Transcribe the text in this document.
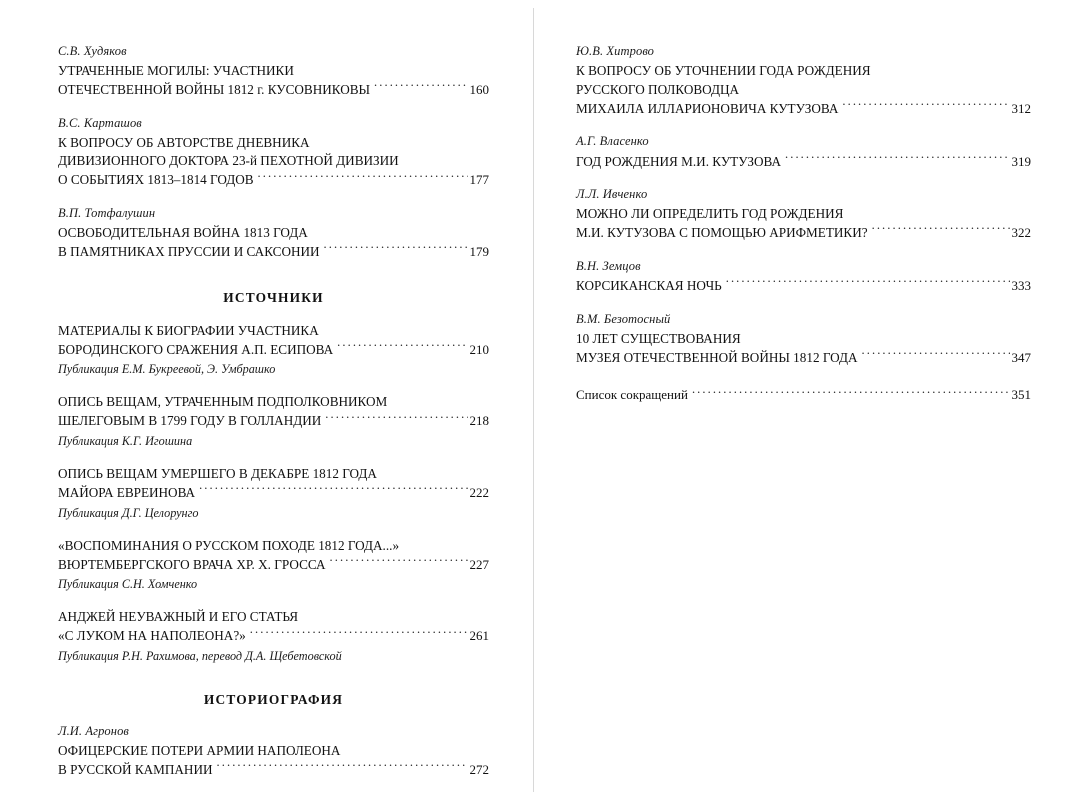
С.В. Худяков
УТРАЧЕННЫЕ МОГИЛЫ: УЧАСТНИКИ
ОТЕЧЕСТВЕННОЙ ВОЙНЫ 1812 г. КУСОВНИКОВЫ .....	160
В.С. Карташов
К ВОПРОСУ ОБ АВТОРСТВЕ ДНЕВНИКА
ДИВИЗИОННОГО ДОКТОРА 23-й ПЕХОТНОЙ ДИВИЗИИ
О СОБЫТИЯХ 1813–1814 ГОДОВ .....	177
В.П. Тотфалушин
ОСВОБОДИТЕЛЬНАЯ ВОЙНА 1813 ГОДА
В ПАМЯТНИКАХ ПРУССИИ И САКСОНИИ .....	179
ИСТОЧНИКИ
МАТЕРИАЛЫ К БИОГРАФИИ УЧАСТНИКА
БОРОДИНСКОГО СРАЖЕНИЯ А.П. ЕСИПОВА .....	210
Публикация Е.М. Букреевой, Э. Умбрашко
ОПИСЬ ВЕЩАМ, УТРАЧЕННЫМ ПОДПОЛКОВНИКОМ
ШЕЛЕГОВЫМ В 1799 ГОДУ В ГОЛЛАНДИИ .....	218
Публикация К.Г. Игошина
ОПИСЬ ВЕЩАМ УМЕРШЕГО В ДЕКАБРЕ 1812 ГОДА
МАЙОРА ЕВРЕИНОВА .....	222
Публикация Д.Г. Целорунго
«ВОСПОМИНАНИЯ О РУССКОМ ПОХОДЕ 1812 ГОДА...»
ВЮРТЕМБЕРГСКОГО ВРАЧА ХР. Х. ГРОССА .....	227
Публикация С.Н. Хомченко
АНДЖЕЙ НЕУВАЖНЫЙ И ЕГО СТАТЬЯ
«С ЛУКОМ НА НАПОЛЕОНА?» .....	261
Публикация Р.Н. Рахимова, перевод Д.А. Щебетовской
ИСТОРИОГРАФИЯ
Л.И. Агронов
ОФИЦЕРСКИЕ ПОТЕРИ АРМИИ НАПОЛЕОНА
В РУССКОЙ КАМПАНИИ .....	272
Ю.В. Хитрово
К ВОПРОСУ ОБ УТОЧНЕНИИ ГОДА РОЖДЕНИЯ
РУССКОГО ПОЛКОВОДЦА
МИХАИЛА ИЛЛАРИОНОВИЧА КУТУЗОВА .....	312
А.Г. Власенко
ГОД РОЖДЕНИЯ М.И. КУТУЗОВА .....	319
Л.Л. Ивченко
МОЖНО ЛИ ОПРЕДЕЛИТЬ ГОД РОЖДЕНИЯ
М.И. КУТУЗОВА С ПОМОЩЬЮ АРИФМЕТИКИ? .....	322
В.Н. Земцов
КОРСИКАНСКАЯ НОЧЬ .....	333
В.М. Безотосный
10 ЛЕТ СУЩЕСТВОВАНИЯ
МУЗЕЯ ОТЕЧЕСТВЕННОЙ ВОЙНЫ 1812 ГОДА .....	347
Список сокращений .....	351
